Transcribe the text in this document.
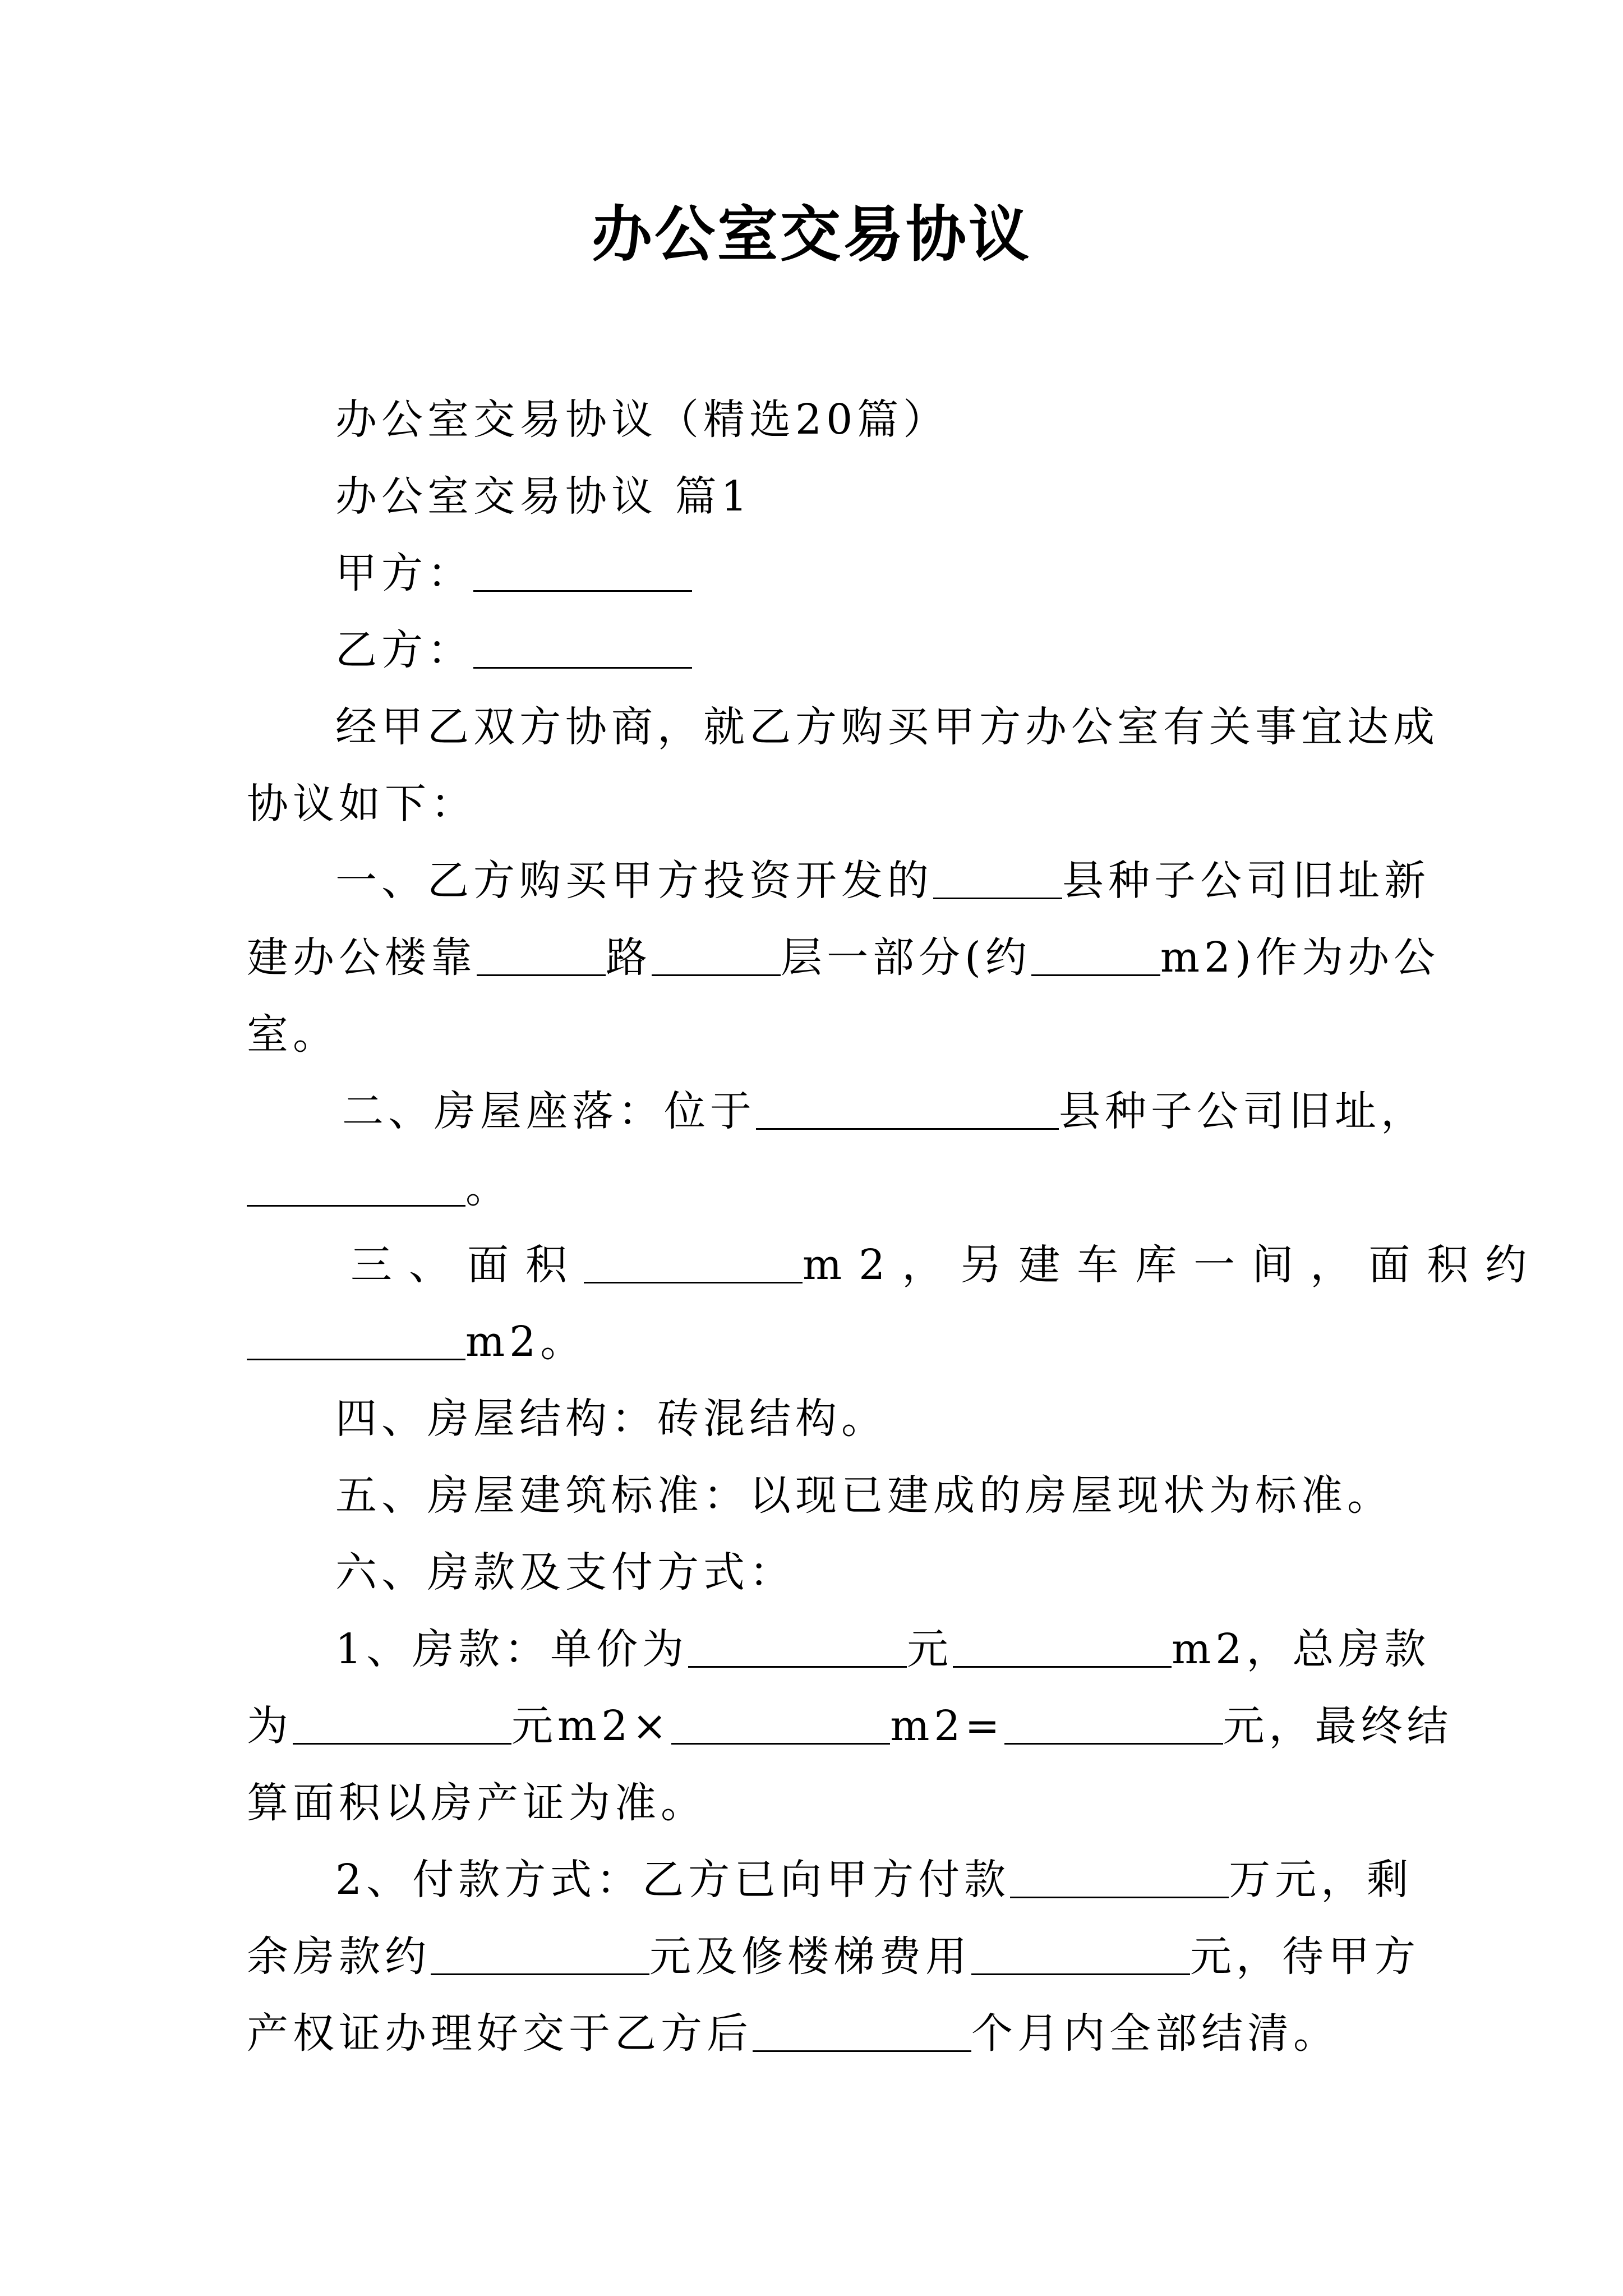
办公室交易协议
办公室交易协议（精选20篇）
办公室交易协议 篇1
甲方：
乙方：
经甲乙双方协商，就乙方购买甲方办公室有关事宜达成
协议如下：
一、乙方购买甲方投资开发的	县种子公司旧址新
建办公楼靠	路	层一部分(约	m2)作为办公
室。
二、房屋座落：位于	县种子公司旧址，
。
三、面积	m2，另建车库一间，面积约
m2。
四、房屋结构：砖混结构。
五、房屋建筑标准：以现已建成的房屋现状为标准。
六、房款及支付方式：
1、房款：单价为	元	m2，总房款
为	元m2×	m2=	元，最终结
算面积以房产证为准。
2、付款方式：乙方已向甲方付款	万元，剩
余房款约	元及修楼梯费用	元，待甲方
产权证办理好交于乙方后	个月内全部结清。
